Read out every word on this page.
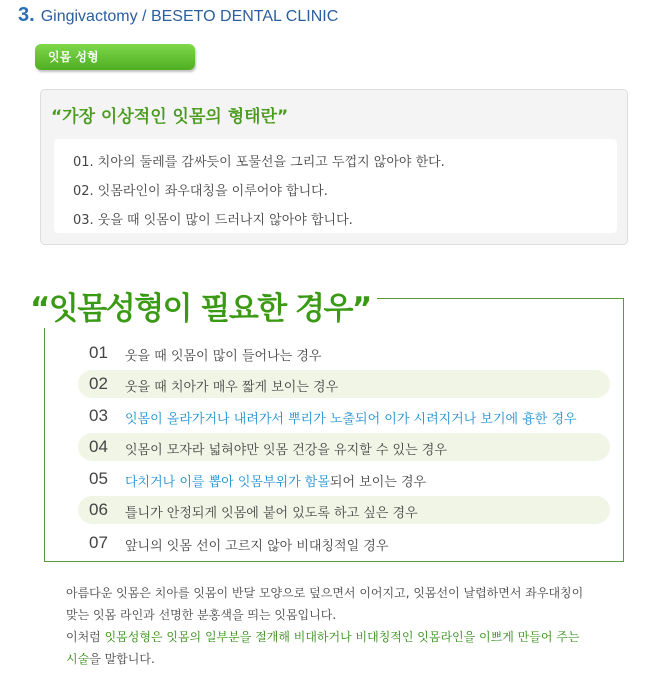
3. Gingivactomy / BESETO DENTAL CLINIC
잇몸 성형
“가장 이상적인 잇몸의 형태란”
01. 치아의 둘레를 감싸듯이 포물선을 그리고 두껍지 않아야 한다.
02. 잇몸라인이 좌우대칭을 이루어야 합니다.
03. 웃을 때 잇몸이 많이 드러나지 않아야 합니다.
“잇몸성형이 필요한 경우”
01 웃을 때 잇몸이 많이 들어나는 경우
02 웃을 때 치아가 매우 짧게 보이는 경우
03 잇몸이 올라가거나 내려가서 뿌리가 노출되어 이가 시려지거나 보기에 흉한 경우
04 잇몸이 모자라 넓혀야만 잇몸 건강을 유지할 수 있는 경우
05 다치거나 이를 뽑아 잇몸부위가 함몰되어 보이는 경우
06 틀니가 안정되게 잇몸에 붙어 있도록 하고 싶은 경우
07 앞니의 잇몸 선이 고르지 않아 비대칭적일 경우
아름다운 잇몸은 치아를 잇몸이 반달 모양으로 덮으면서 이어지고, 잇몸선이 날렵하면서 좌우대칭이
맞는 잇몸 라인과 선명한 분홍색을 띄는 잇몸입니다.
이처럼 잇몸성형은 잇몸의 일부분을 절개해 비대하거나 비대칭적인 잇몸라인을 이쁘게 만들어 주는
시술을 말합니다.
